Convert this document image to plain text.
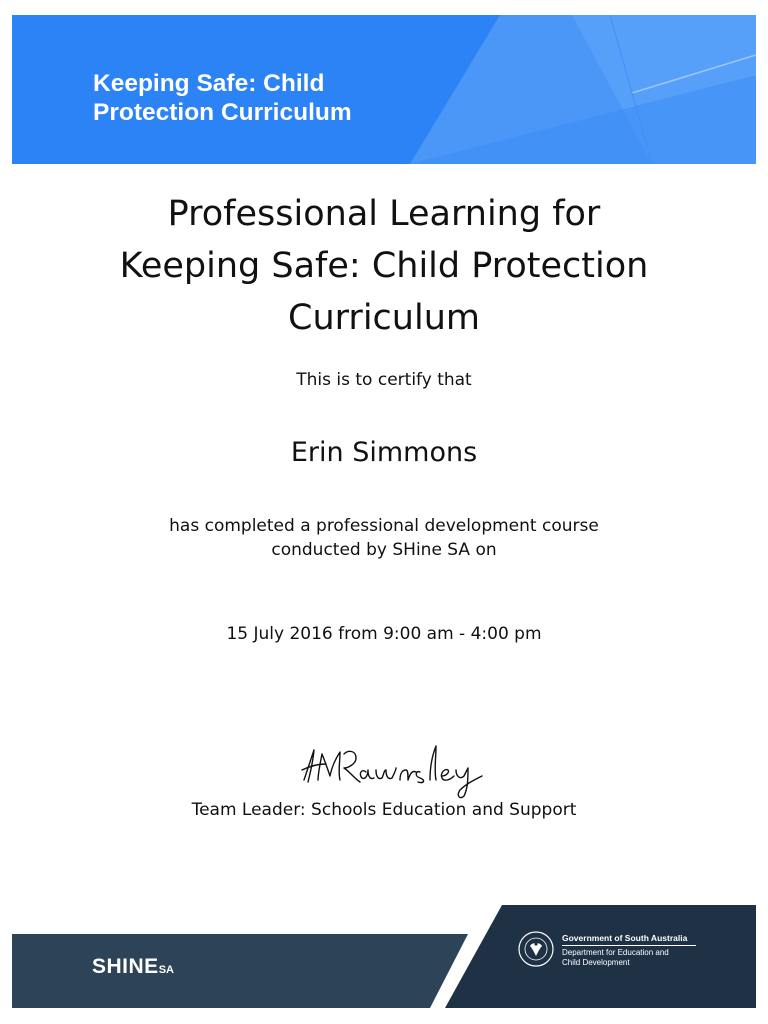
Keeping Safe: Child
Protection Curriculum
Professional Learning for
Keeping Safe: Child Protection
Curriculum
This is to certify that
Erin Simmons
has completed a professional development course
conducted by SHine SA on
15 July 2016 from 9:00 am - 4:00 pm
Team Leader: Schools Education and Support
SHINESA
Government of South Australia
Department for Education and
Child Development
